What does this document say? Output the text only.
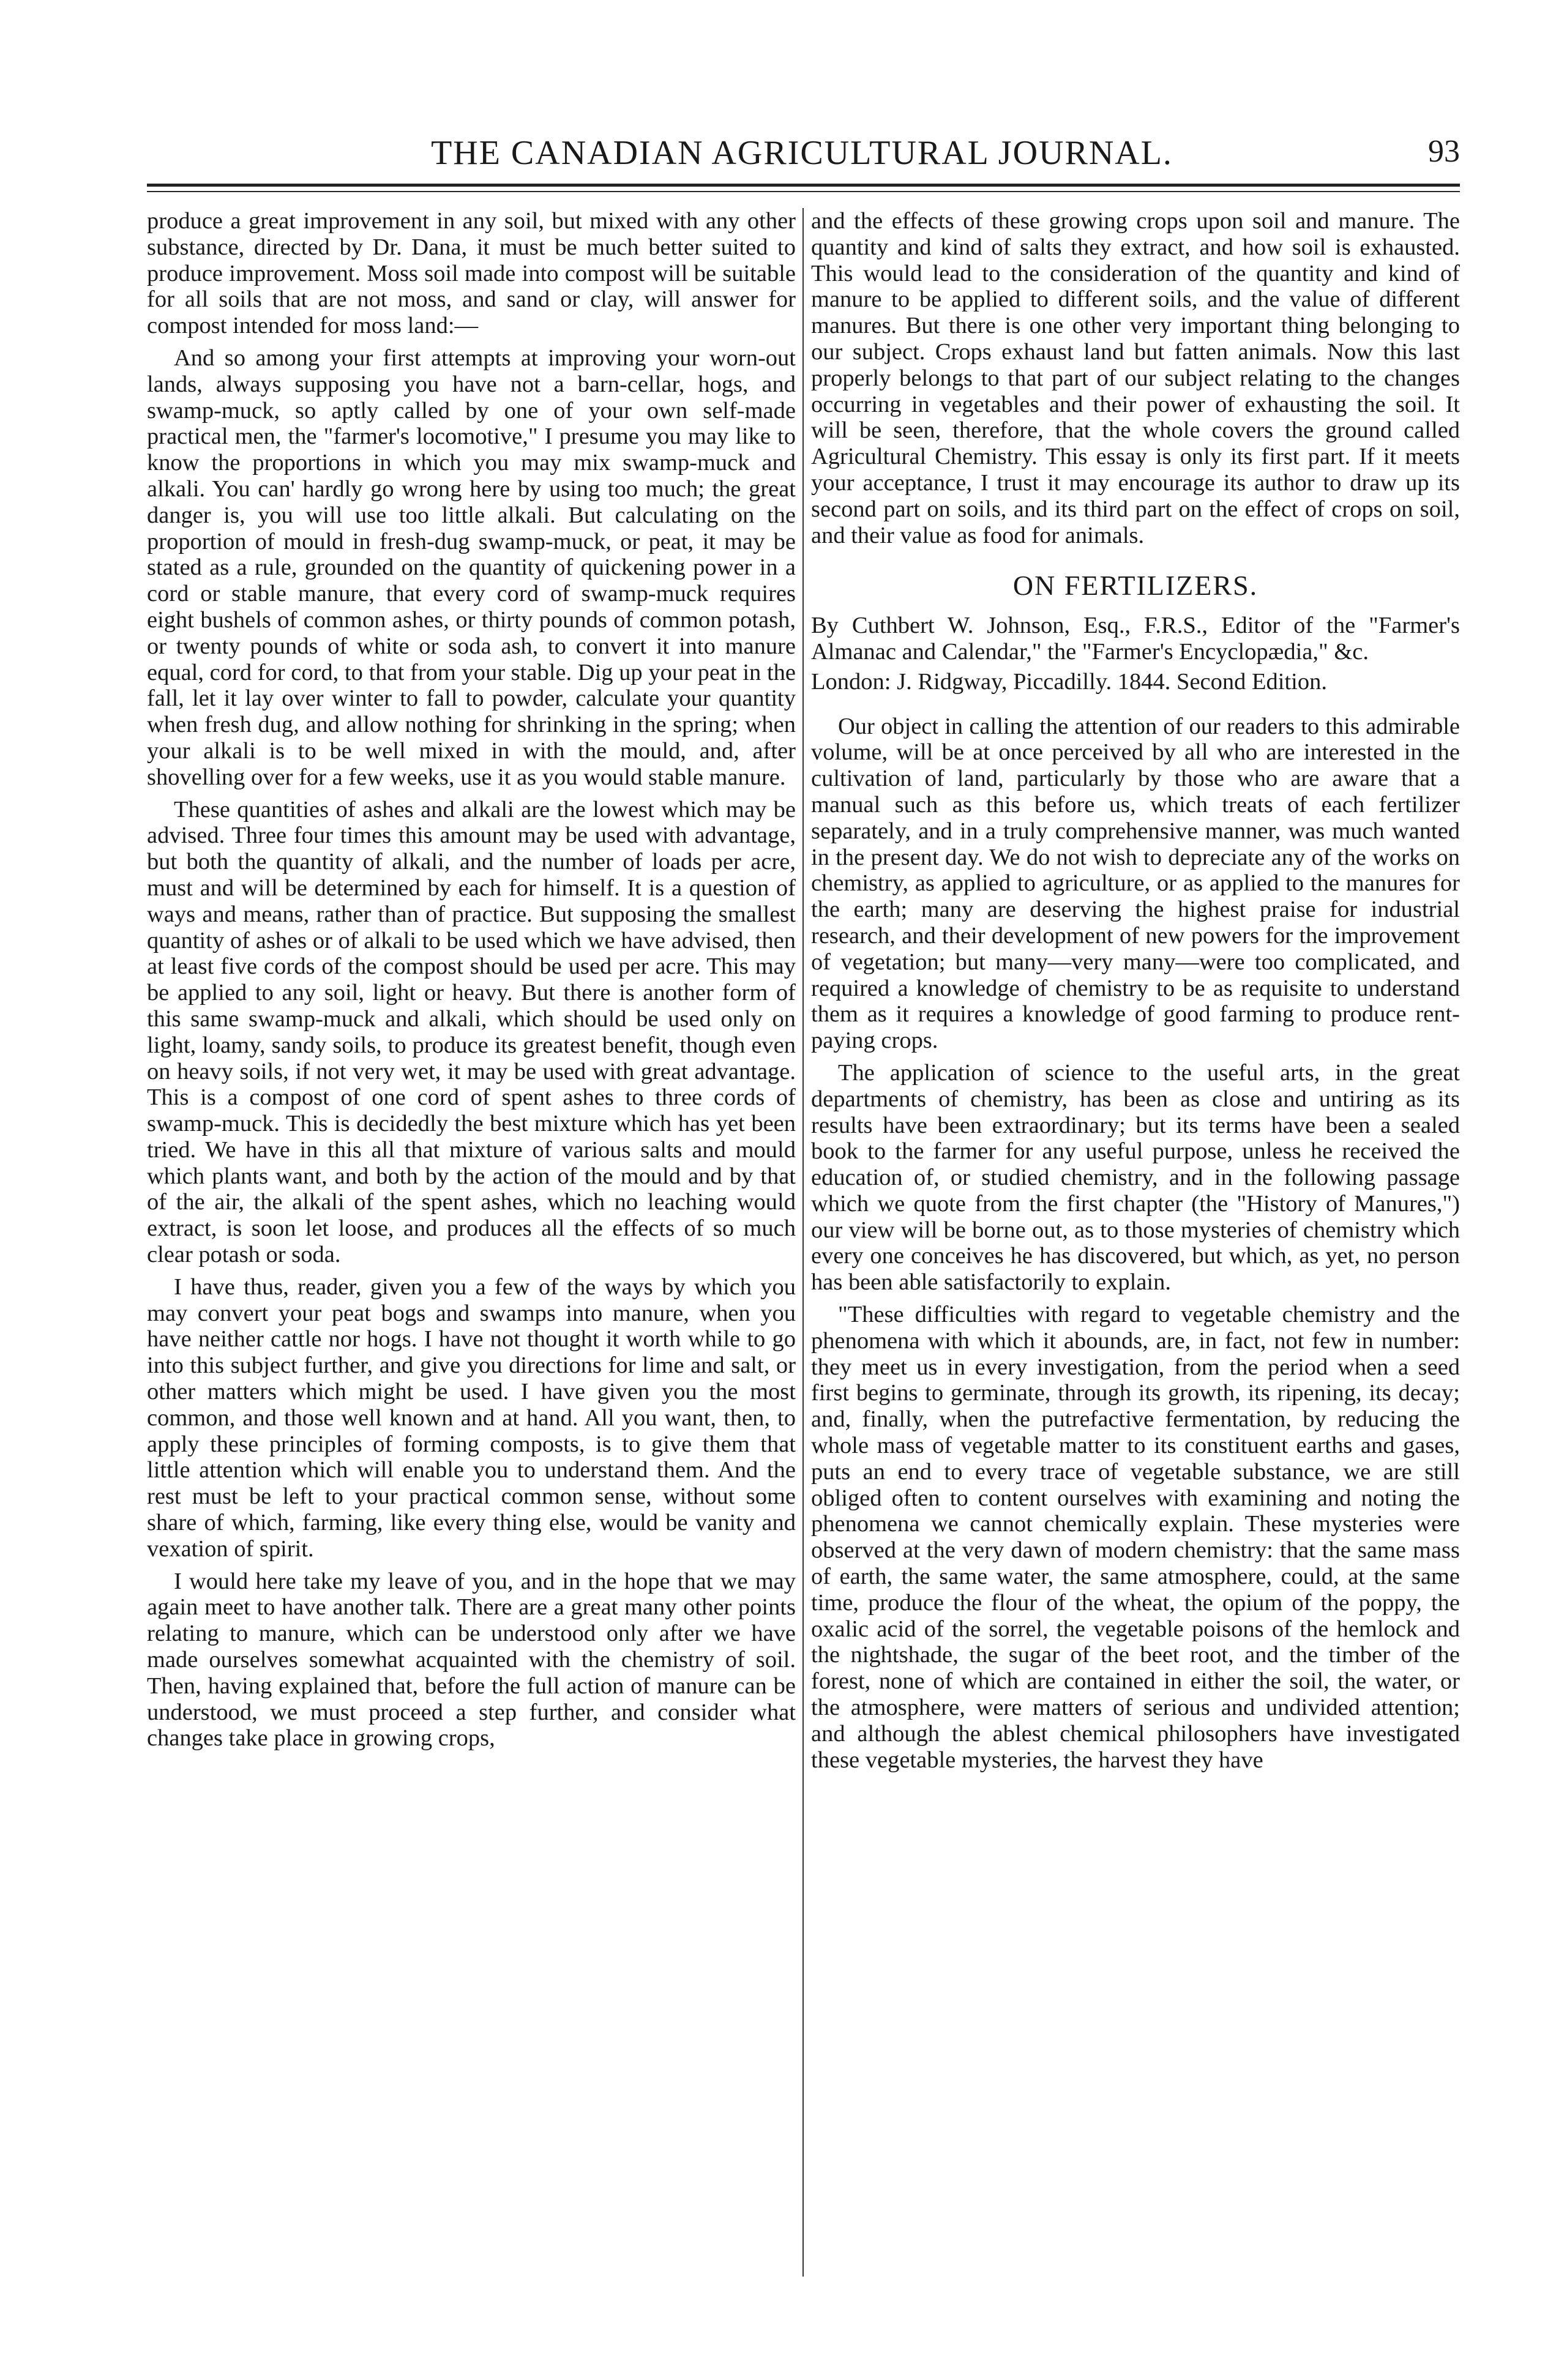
THE CANADIAN AGRICULTURAL JOURNAL.	93

produce a great improvement in any soil, but mixed with any other substance, directed by Dr. Dana, it must be much better suited to produce improvement. Moss soil made into compost will be suitable for all soils that are not moss, and sand or clay, will answer for compost intended for moss land:—

And so among your first attempts at improving your worn-out lands, always supposing you have not a barn-cellar, hogs, and swamp-muck, so aptly called by one of your own self-made practical men, the "farmer's locomotive," I presume you may like to know the proportions in which you may mix swamp-muck and alkali. You can' hardly go wrong here by using too much; the great danger is, you will use too little alkali. But calculating on the proportion of mould in fresh-dug swamp-muck, or peat, it may be stated as a rule, grounded on the quantity of quickening power in a cord or stable manure, that every cord of swamp-muck requires eight bushels of common ashes, or thirty pounds of common potash, or twenty pounds of white or soda ash, to convert it into manure equal, cord for cord, to that from your stable. Dig up your peat in the fall, let it lay over winter to fall to powder, calculate your quantity when fresh dug, and allow nothing for shrinking in the spring; when your alkali is to be well mixed in with the mould, and, after shovelling over for a few weeks, use it as you would stable manure.

These quantities of ashes and alkali are the lowest which may be advised. Three four times this amount may be used with advantage, but both the quantity of alkali, and the number of loads per acre, must and will be determined by each for himself. It is a question of ways and means, rather than of practice. But supposing the smallest quantity of ashes or of alkali to be used which we have advised, then at least five cords of the compost should be used per acre. This may be applied to any soil, light or heavy. But there is another form of this same swamp-muck and alkali, which should be used only on light, loamy, sandy soils, to produce its greatest benefit, though even on heavy soils, if not very wet, it may be used with great advantage. This is a compost of one cord of spent ashes to three cords of swamp-muck. This is decidedly the best mixture which has yet been tried. We have in this all that mixture of various salts and mould which plants want, and both by the action of the mould and by that of the air, the alkali of the spent ashes, which no leaching would extract, is soon let loose, and produces all the effects of so much clear potash or soda.

I have thus, reader, given you a few of the ways by which you may convert your peat bogs and swamps into manure, when you have neither cattle nor hogs. I have not thought it worth while to go into this subject further, and give you directions for lime and salt, or other matters which might be used. I have given you the most common, and those well known and at hand. All you want, then, to apply these principles of forming composts, is to give them that little attention which will enable you to understand them. And the rest must be left to your practical common sense, without some share of which, farming, like every thing else, would be vanity and vexation of spirit.

I would here take my leave of you, and in the hope that we may again meet to have another talk. There are a great many other points relating to manure, which can be understood only after we have made ourselves somewhat acquainted with the chemistry of soil. Then, having explained that, before the full action of manure can be understood, we must proceed a step further, and consider what changes take place in growing crops,

and the effects of these growing crops upon soil and manure. The quantity and kind of salts they extract, and how soil is exhausted. This would lead to the consideration of the quantity and kind of manure to be applied to different soils, and the value of different manures. But there is one other very important thing belonging to our subject. Crops exhaust land but fatten animals. Now this last properly belongs to that part of our subject relating to the changes occurring in vegetables and their power of exhausting the soil. It will be seen, therefore, that the whole covers the ground called Agricultural Chemistry. This essay is only its first part. If it meets your acceptance, I trust it may encourage its author to draw up its second part on soils, and its third part on the effect of crops on soil, and their value as food for animals.

ON FERTILIZERS.

By Cuthbert W. Johnson, Esq., F.R.S., Editor of the "Farmer's Almanac and Calendar," the "Farmer's Encyclopædia," &c.

London: J. Ridgway, Piccadilly. 1844. Second Edition.

Our object in calling the attention of our readers to this admirable volume, will be at once perceived by all who are interested in the cultivation of land, particularly by those who are aware that a manual such as this before us, which treats of each fertilizer separately, and in a truly comprehensive manner, was much wanted in the present day. We do not wish to depreciate any of the works on chemistry, as applied to agriculture, or as applied to the manures for the earth; many are deserving the highest praise for industrial research, and their development of new powers for the improvement of vegetation; but many—very many—were too complicated, and required a knowledge of chemistry to be as requisite to understand them as it requires a knowledge of good farming to produce rent-paying crops.

The application of science to the useful arts, in the great departments of chemistry, has been as close and untiring as its results have been extraordinary; but its terms have been a sealed book to the farmer for any useful purpose, unless he received the education of, or studied chemistry, and in the following passage which we quote from the first chapter (the "History of Manures,") our view will be borne out, as to those mysteries of chemistry which every one conceives he has discovered, but which, as yet, no person has been able satisfactorily to explain.

"These difficulties with regard to vegetable chemistry and the phenomena with which it abounds, are, in fact, not few in number: they meet us in every investigation, from the period when a seed first begins to germinate, through its growth, its ripening, its decay; and, finally, when the putrefactive fermentation, by reducing the whole mass of vegetable matter to its constituent earths and gases, puts an end to every trace of vegetable substance, we are still obliged often to content ourselves with examining and noting the phenomena we cannot chemically explain. These mysteries were observed at the very dawn of modern chemistry: that the same mass of earth, the same water, the same atmosphere, could, at the same time, produce the flour of the wheat, the opium of the poppy, the oxalic acid of the sorrel, the vegetable poisons of the hemlock and the nightshade, the sugar of the beet root, and the timber of the forest, none of which are contained in either the soil, the water, or the atmosphere, were matters of serious and undivided attention; and although the ablest chemical philosophers have investigated these vegetable mysteries, the harvest they have
